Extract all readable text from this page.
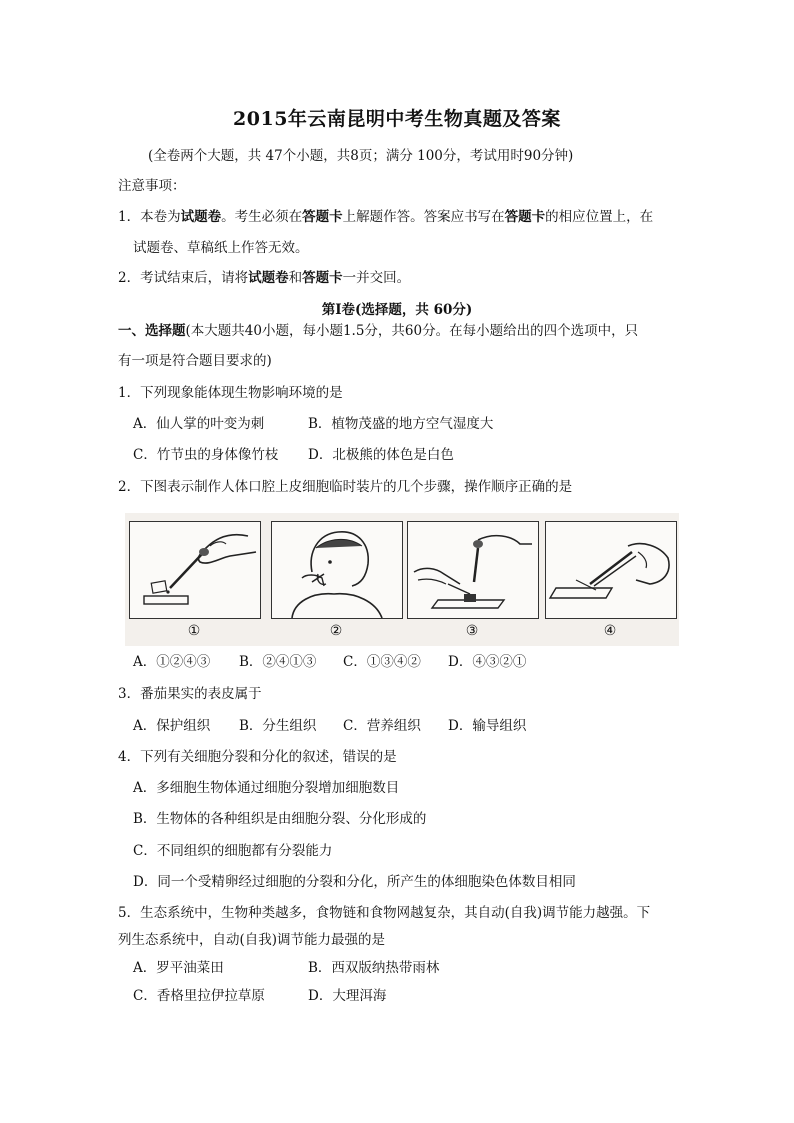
2015年云南昆明中考生物真题及答案
(全卷两个大题，共 47个小题，共8页；满分 100分，考试用时90分钟)
注意事项：
1．本卷为试题卷。考生必须在答题卡上解题作答。答案应书写在答题卡的相应位置上，在
试题卷、草稿纸上作答无效。
2．考试结束后，请将试题卷和答题卡一并交回。
第Ⅰ卷(选择题，共 60分)
一、选择题(本大题共40小题，每小题1.5分，共60分。在每小题给出的四个选项中，只
有一项是符合题目要求的)
1．下列现象能体现生物影响环境的是
A．仙人掌的叶变为刺	B．植物茂盛的地方空气湿度大
C．竹节虫的身体像竹枝 D．北极熊的体色是白色
2．下图表示制作人体口腔上皮细胞临时装片的几个步骤，操作顺序正确的是
①	②	③	④
A．①②④③ B．②④①③ C．①③④② D．④③②①
3．番茄果实的表皮属于
A．保护组织 B．分生组织 C．营养组织 D．输导组织
4．下列有关细胞分裂和分化的叙述，错误的是
A．多细胞生物体通过细胞分裂增加细胞数目
B．生物体的各种组织是由细胞分裂、分化形成的
C．不同组织的细胞都有分裂能力
D．同一个受精卵经过细胞的分裂和分化，所产生的体细胞染色体数目相同
5．生态系统中，生物种类越多，食物链和食物网越复杂，其自动(自我)调节能力越强。下
列生态系统中，自动(自我)调节能力最强的是
A．罗平油菜田	B．西双版纳热带雨林
C．香格里拉伊拉草原	D．大理洱海
